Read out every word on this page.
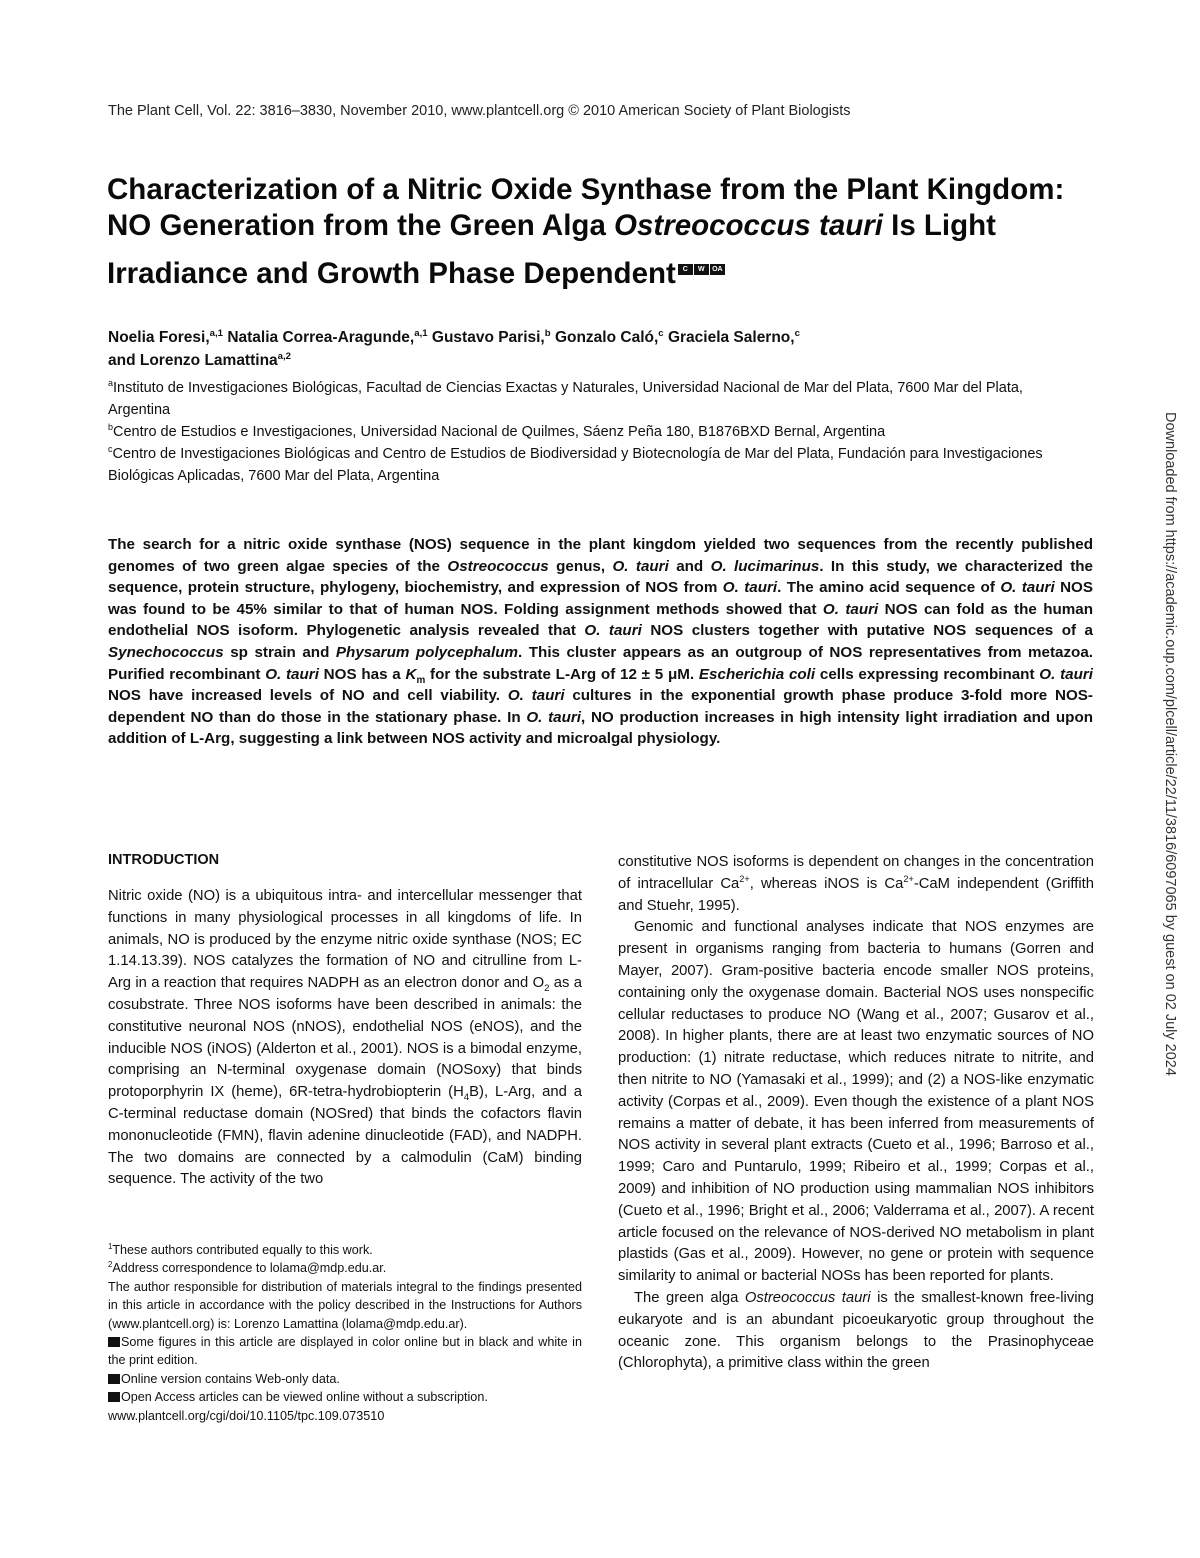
The Plant Cell, Vol. 22: 3816–3830, November 2010, www.plantcell.org © 2010 American Society of Plant Biologists
Characterization of a Nitric Oxide Synthase from the Plant Kingdom: NO Generation from the Green Alga Ostreococcus tauri Is Light Irradiance and Growth Phase Dependent C W OA
Noelia Foresi,$^{a,1}$ Natalia Correa-Aragunde,$^{a,1}$ Gustavo Parisi,$^b$ Gonzalo Caló,$^c$ Graciela Salerno,$^c$
and Lorenzo Lamattina$^{a,2}$
$^a$Instituto de Investigaciones Biológicas, Facultad de Ciencias Exactas y Naturales, Universidad Nacional de Mar del Plata, 7600 Mar del Plata, Argentina
$^b$Centro de Estudios e Investigaciones, Universidad Nacional de Quilmes, Sáenz Peña 180, B1876BXD Bernal, Argentina
$^c$Centro de Investigaciones Biológicas and Centro de Estudios de Biodiversidad y Biotecnología de Mar del Plata, Fundación para Investigaciones Biológicas Aplicadas, 7600 Mar del Plata, Argentina
The search for a nitric oxide synthase (NOS) sequence in the plant kingdom yielded two sequences from the recently published genomes of two green algae species of the Ostreococcus genus, O. tauri and O. lucimarinus. In this study, we characterized the sequence, protein structure, phylogeny, biochemistry, and expression of NOS from O. tauri. The amino acid sequence of O. tauri NOS was found to be 45% similar to that of human NOS. Folding assignment methods showed that O. tauri NOS can fold as the human endothelial NOS isoform. Phylogenetic analysis revealed that O. tauri NOS clusters together with putative NOS sequences of a Synechococcus sp strain and Physarum polycephalum. This cluster appears as an outgroup of NOS representatives from metazoa. Purified recombinant O. tauri NOS has a $K_m$ for the substrate L-Arg of 12 ± 5 μM. Escherichia coli cells expressing recombinant O. tauri NOS have increased levels of NO and cell viability. O. tauri cultures in the exponential growth phase produce 3-fold more NOS-dependent NO than do those in the stationary phase. In O. tauri, NO production increases in high intensity light irradiation and upon addition of L-Arg, suggesting a link between NOS activity and microalgal physiology.
INTRODUCTION

Nitric oxide (NO) is a ubiquitous intra- and intercellular messenger that functions in many physiological processes in all kingdoms of life. In animals, NO is produced by the enzyme nitric oxide synthase (NOS; EC 1.14.13.39). NOS catalyzes the formation of NO and citrulline from L-Arg in a reaction that requires NADPH as an electron donor and $O_2$ as a cosubstrate. Three NOS isoforms have been described in animals: the constitutive neuronal NOS (nNOS), endothelial NOS (eNOS), and the inducible NOS (iNOS) (Alderton et al., 2001). NOS is a bimodal enzyme, comprising an N-terminal oxygenase domain (NOSoxy) that binds protoporphyrin IX (heme), 6R-tetra-hydrobiopterin $(H_4B)$, L-Arg, and a C-terminal reductase domain (NOSred) that binds the cofactors flavin mononucleotide (FMN), flavin adenine dinucleotide (FAD), and NADPH. The two domains are connected by a calmodulin (CaM) binding sequence. The activity of the two

$^1$These authors contributed equally to this work.

$^2$Address correspondence to lolama@mdp.edu.ar.

The author responsible for distribution of materials integral to the findings presented in this article in accordance with the policy described in the Instructions for Authors (www.plantcell.org) is: Lorenzo Lamattina (lolama@mdp.edu.ar).

Some figures in this article are displayed in color online but in black and white in the print edition.

Online version contains Web-only data.

Open Access articles can be viewed online without a subscription.

www.plantcell.org/cgi/doi/10.1105/tpc.109.073510

constitutive NOS isoforms is dependent on changes in the concentration of intracellular $Ca^{2+}$, whereas iNOS is $Ca^{2+}$-CaM independent (Griffith and Stuehr, 1995).

Genomic and functional analyses indicate that NOS enzymes are present in organisms ranging from bacteria to humans (Gorren and Mayer, 2007). Gram-positive bacteria encode smaller NOS proteins, containing only the oxygenase domain. Bacterial NOS uses nonspecific cellular reductases to produce NO (Wang et al., 2007; Gusarov et al., 2008). In higher plants, there are at least two enzymatic sources of NO production: (1) nitrate reductase, which reduces nitrate to nitrite, and then nitrite to NO (Yamasaki et al., 1999); and (2) a NOS-like enzymatic activity (Corpas et al., 2009). Even though the existence of a plant NOS remains a matter of debate, it has been inferred from measurements of NOS activity in several plant extracts (Cueto et al., 1996; Barroso et al., 1999; Caro and Puntarulo, 1999; Ribeiro et al., 1999; Corpas et al., 2009) and inhibition of NO production using mammalian NOS inhibitors (Cueto et al., 1996; Bright et al., 2006; Valderrama et al., 2007). A recent article focused on the relevance of NOS-derived NO metabolism in plant plastids (Gas et al., 2009). However, no gene or protein with sequence similarity to animal or bacterial NOSs has been reported for plants.

The green alga Ostreococcus tauri is the smallest-known free-living eukaryote and is an abundant picoeukaryotic group throughout the oceanic zone. This organism belongs to the Prasinophyceae (Chlorophyta), a primitive class within the green

Downloaded from https://academic.oup.com/plcell/article/22/11/3816/6097065 by guest on 02 July 2024
